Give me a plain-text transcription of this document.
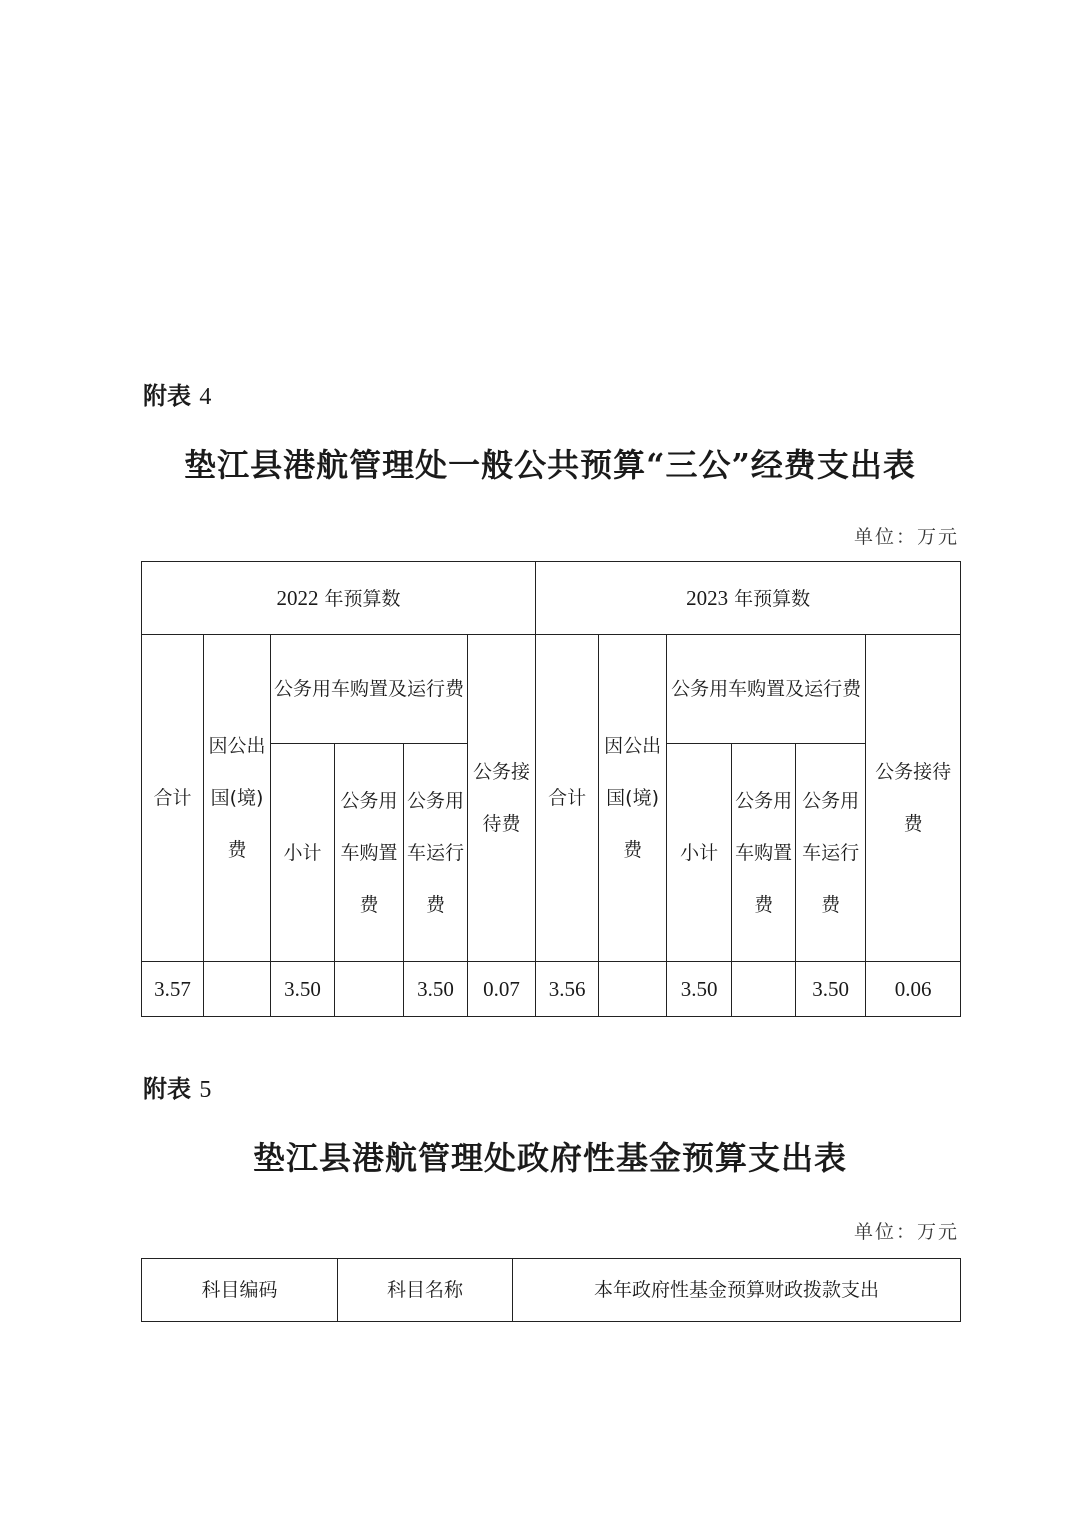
附表 4
垫江县港航管理处一般公共预算“三公”经费支出表
单位：万元
2022 年预算数						2023 年预算数					
合计	因公出国(境)费	公务用车购置及运行费			公务接待费	合计	因公出国(境)费	公务用车购置及运行费			公务接待费
		小计	公务用车购置费	公务用车运行费				小计	公务用车购置费	公务用车运行费	
3.57		3.50		3.50	0.07	3.56		3.50		3.50	0.06
附表 5
垫江县港航管理处政府性基金预算支出表
单位：万元
科目编码	科目名称	本年政府性基金预算财政拨款支出
